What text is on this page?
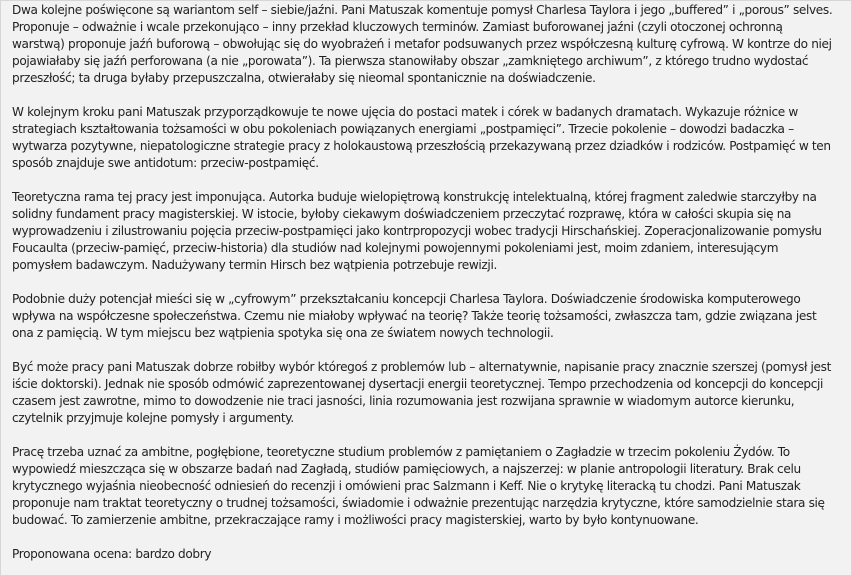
Dwa kolejne poświęcone są wariantom self – siebie/jaźni. Pani Matuszak komentuje pomysł Charlesa Taylora i jego „buffered” i „porous” selves. Proponuje – odważnie i wcale przekonująco – inny przekład kluczowych terminów. Zamiast buforowanej jaźni (czyli otoczonej ochronną warstwą) proponuje jaźń buforową – obwołując się do wyobrażeń i metafor podsuwanych przez współczesną kulturę cyfrową. W kontrze do niej pojawiałaby się jaźń perforowana (a nie „porowata”). Ta pierwsza stanowiłaby obszar „zamkniętego archiwum”, z którego trudno wydostać przeszłość; ta druga byłaby przepuszczalna, otwierałaby się nieomal spontanicznie na doświadczenie.

W kolejnym kroku pani Matuszak przyporządkowuje te nowe ujęcia do postaci matek i córek w badanych dramatach. Wykazuje różnice w strategiach kształtowania tożsamości w obu pokoleniach powiązanych energiami „postpamięci”. Trzecie pokolenie – dowodzi badaczka –wytwarza pozytywne, niepatologiczne strategie pracy z holokaustową przeszłością przekazywaną przez dziadków i rodziców. Postpamięć w ten sposób znajduje swe antidotum: przeciw-postpamięć.

Teoretyczna rama tej pracy jest imponująca. Autorka buduje wielopiętrową konstrukcję intelektualną, której fragment zaledwie starczyłby na solidny fundament pracy magisterskiej. W istocie, byłoby ciekawym doświadczeniem przeczytać rozprawę, która w całości skupia się na wyprowadzeniu i zilustrowaniu pojęcia przeciw-postpamięci jako kontrpropozycji wobec tradycji Hirschańskiej. Zoperacjonalizowanie pomysłu Foucaulta (przeciw-pamięć, przeciw-historia) dla studiów nad kolejnymi powojennymi pokoleniami jest, moim zdaniem, interesującym pomysłem badawczym. Nadużywany termin Hirsch bez wątpienia potrzebuje rewizji.

Podobnie duży potencjał mieści się w „cyfrowym” przekształcaniu koncepcji Charlesa Taylora. Doświadczenie środowiska komputerowego wpływa na współczesne społeczeństwa. Czemu nie miałoby wpływać na teorię? Także teorię tożsamości, zwłaszcza tam, gdzie związana jest ona z pamięcią. W tym miejscu bez wątpienia spotyka się ona ze światem nowych technologii.

Być może pracy pani Matuszak dobrze robiłby wybór któregoś z problemów lub – alternatywnie, napisanie pracy znacznie szerszej (pomysł jest iście doktorski). Jednak nie sposób odmówić zaprezentowanej dysertacji energii teoretycznej. Tempo przechodzenia od koncepcji do koncepcji czasem jest zawrotne, mimo to dowodzenie nie traci jasności, linia rozumowania jest rozwijana sprawnie w wiadomym autorce kierunku, czytelnik przyjmuje kolejne pomysły i argumenty.

Pracę trzeba uznać za ambitne, pogłębione, teoretyczne studium problemów z pamiętaniem o Zagładzie w trzecim pokoleniu Żydów. To wypowiedź mieszcząca się w obszarze badań nad Zagładą, studiów pamięciowych, a najszerzej: w planie antropologii literatury. Brak celu krytycznego wyjaśnia nieobecność odniesień do recenzji i omówieni prac Salzmann i Keff. Nie o krytykę literacką tu chodzi. Pani Matuszak proponuje nam traktat teoretyczny o trudnej tożsamości, świadomie i odważnie prezentując narzędzia krytyczne, które samodzielnie stara się budować. To zamierzenie ambitne, przekraczające ramy i możliwości pracy magisterskiej, warto by było kontynuowane.

Proponowana ocena: bardzo dobry
